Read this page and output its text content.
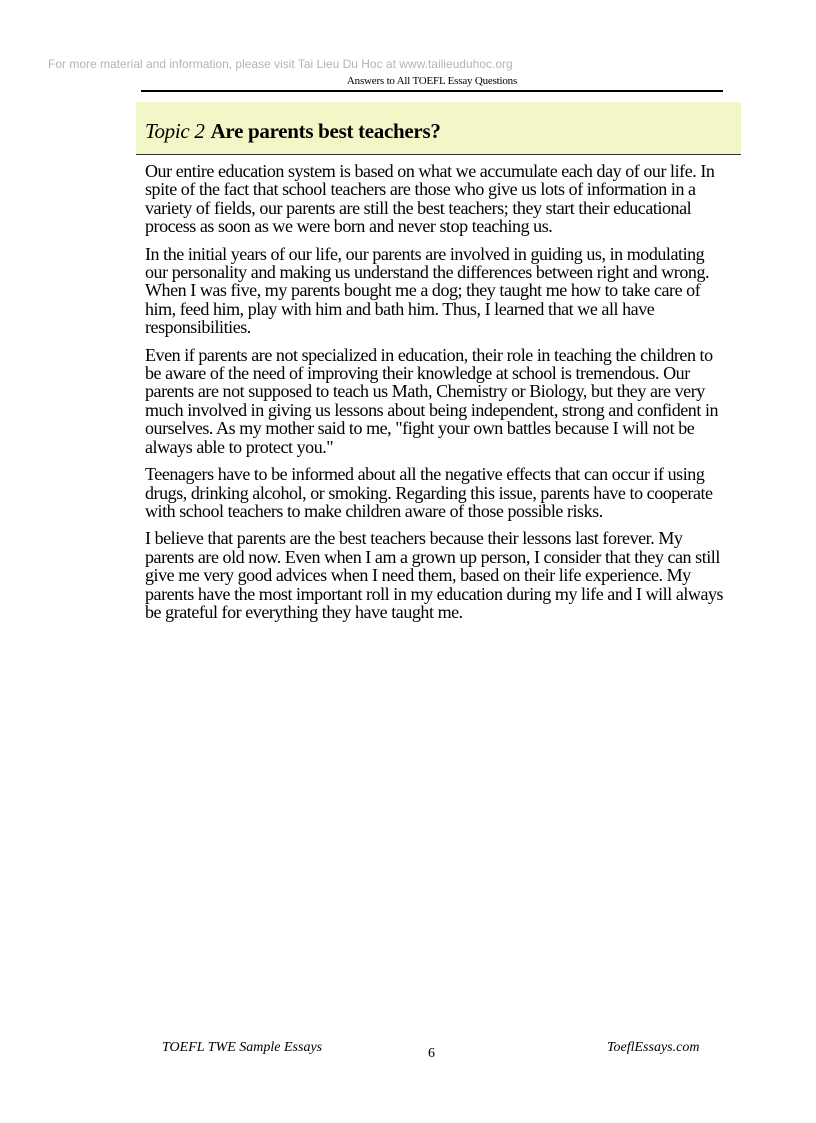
For more material and information, please visit Tai Lieu Du Hoc at www.tailieuduhoc.org
Answers to All TOEFL Essay Questions
Topic 2 Are parents best teachers?

Our entire education system is based on what we accumulate each day of our life. In spite of the fact that school teachers are those who give us lots of information in a variety of fields, our parents are still the best teachers; they start their educational process as soon as we were born and never stop teaching us.

In the initial years of our life, our parents are involved in guiding us, in modulating our personality and making us understand the differences between right and wrong. When I was five, my parents bought me a dog; they taught me how to take care of him, feed him, play with him and bath him. Thus, I learned that we all have responsibilities.

Even if parents are not specialized in education, their role in teaching the children to be aware of the need of improving their knowledge at school is tremendous. Our parents are not supposed to teach us Math, Chemistry or Biology, but they are very much involved in giving us lessons about being independent, strong and confident in ourselves. As my mother said to me, "fight your own battles because I will not be always able to protect you."

Teenagers have to be informed about all the negative effects that can occur if using drugs, drinking alcohol, or smoking. Regarding this issue, parents have to cooperate with school teachers to make children aware of those possible risks.

I believe that parents are the best teachers because their lessons last forever. My parents are old now. Even when I am a grown up person, I consider that they can still give me very good advices when I need them, based on their life experience. My parents have the most important roll in my education during my life and I will always be grateful for everything they have taught me.

TOEFL TWE Sample Essays	6	ToeflEssays.com
